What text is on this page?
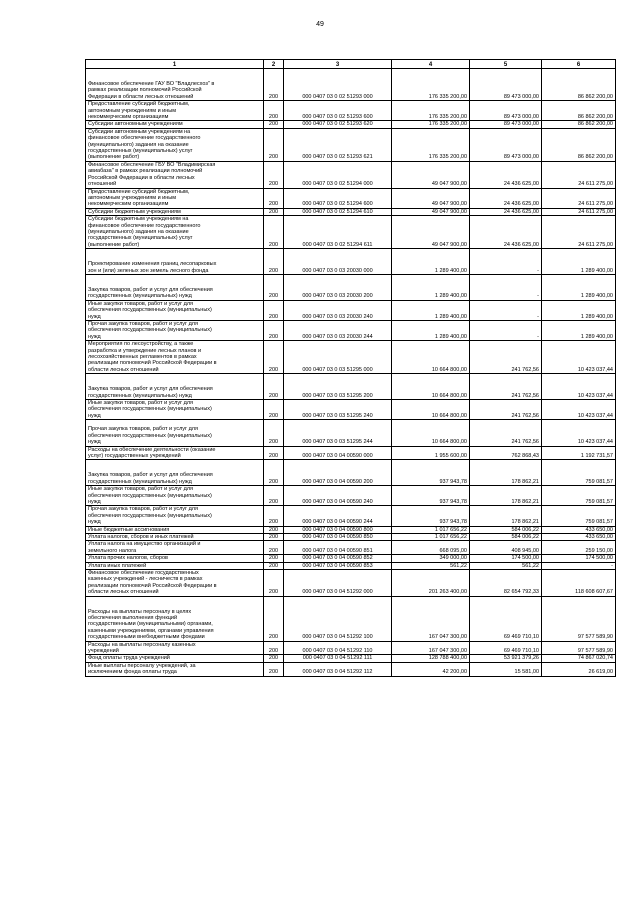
49
1	2	3	4	5	6
Финансовое обеспечение ГАУ ВО "Владлесхоз" в
рамках реализации полномочий Российской
Федерации в области лесных отношений	200	000 0407 03 0 02 51293 000	176 335 200,00	89 473 000,00	86 862 200,00
Предоставление субсидий бюджетным,
автономным учреждениям и иным
некоммерческим организациям	200	000 0407 03 0 02 51293 600	176 335 200,00	89 473 000,00	86 862 200,00
Субсидии автономным учреждениям	200	000 0407 03 0 02 51293 620	176 335 200,00	89 473 000,00	86 862 200,00
Субсидии автономным учреждениям на
финансовое обеспечение государственного
(муниципального) задания на оказание
государственных (муниципальных) услуг
(выполнение работ)	200	000 0407 03 0 02 51293 621	176 335 200,00	89 473 000,00	86 862 200,00
Финансовое обеспечение ГБУ ВО "Владимирская
авиабаза" в рамках реализации полномочий
Российской Федерации в области лесных
отношений	200	000 0407 03 0 02 51294 000	49 047 900,00	24 436 625,00	24 611 275,00
Предоставление субсидий бюджетным,
автономным учреждениям и иным
некоммерческим организациям	200	000 0407 03 0 02 51294 600	49 047 900,00	24 436 625,00	24 611 275,00
Субсидии бюджетным учреждениям	200	000 0407 03 0 02 51294 610	49 047 900,00	24 436 625,00	24 611 275,00
Субсидии бюджетным учреждениям на
финансовое обеспечение государственного
(муниципального) задания на оказание
государственных (муниципальных) услуг
(выполнение работ)	200	000 0407 03 0 02 51294 611	49 047 900,00	24 436 625,00	24 611 275,00
Проектирование изменения границ лесопарковых
зон и (или) зеленых зон земель лесного фонда	200	000 0407 03 0 03 20030 000	1 289 400,00	-	1 289 400,00
Закупка товаров, работ и услуг для обеспечения
государственных (муниципальных) нужд	200	000 0407 03 0 03 20030 200	1 289 400,00	-	1 289 400,00
Иные закупки товаров, работ и услуг для
обеспечения государственных (муниципальных)
нужд	200	000 0407 03 0 03 20030 240	1 289 400,00	-	1 289 400,00
Прочая закупка товаров, работ и услуг для
обеспечения государственных (муниципальных)
нужд	200	000 0407 03 0 03 20030 244	1 289 400,00	-	1 289 400,00
Мероприятия по лесоустройству, а также
разработка и утверждение лесных планов и
лесохозяйственных регламентов в рамках
реализации полномочий Российской Федерации в
области лесных отношений	200	000 0407 03 0 03 51295 000	10 664 800,00	241 762,56	10 423 037,44
Закупка товаров, работ и услуг для обеспечения
государственных (муниципальных) нужд	200	000 0407 03 0 03 51295 200	10 664 800,00	241 762,56	10 423 037,44
Иные закупки товаров, работ и услуг для
обеспечения государственных (муниципальных)
нужд	200	000 0407 03 0 03 51295 240	10 664 800,00	241 762,56	10 423 037,44
Прочая закупка товаров, работ и услуг для
обеспечения государственных (муниципальных)
нужд	200	000 0407 03 0 03 51295 244	10 664 800,00	241 762,56	10 423 037,44
Расходы на обеспечение деятельности (оказание
услуг) государственных учреждений	200	000 0407 03 0 04 00590 000	1 955 600,00	762 868,43	1 192 731,57
Закупка товаров, работ и услуг для обеспечения
государственных (муниципальных) нужд	200	000 0407 03 0 04 00590 200	937 943,78	178 862,21	759 081,57
Иные закупки товаров, работ и услуг для
обеспечения государственных (муниципальных)
нужд	200	000 0407 03 0 04 00590 240	937 943,78	178 862,21	759 081,57
Прочая закупка товаров, работ и услуг для
обеспечения государственных (муниципальных)
нужд	200	000 0407 03 0 04 00590 244	937 943,78	178 862,21	759 081,57
Иные бюджетные ассигнования	200	000 0407 03 0 04 00590 800	1 017 656,22	584 006,22	433 650,00
Уплата налогов, сборов и иных платежей	200	000 0407 03 0 04 00590 850	1 017 656,22	584 006,22	433 650,00
Уплата налога на имущество организаций и
земельного налога	200	000 0407 03 0 04 00590 851	668 095,00	408 945,00	259 150,00
Уплата прочих налогов, сборов	200	000 0407 03 0 04 00590 852	349 000,00	174 500,00	174 500,00
Уплата иных платежей	200	000 0407 03 0 04 00590 853	561,22	561,22	-
Финансовое обеспечение государственных
казенных учреждений - лесничеств в рамках
реализации полномочий Российской Федерации в
области лесных отношений	200	000 0407 03 0 04 51292 000	201 263 400,00	82 654 792,33	118 608 607,67
Расходы на выплаты персоналу в целях
обеспечения выполнения функций
государственными (муниципальными) органами,
казенными учреждениями, органами управления
государственными внебюджетными фондами	200	000 0407 03 0 04 51292 100	167 047 300,00	69 469 710,10	97 577 589,90
Расходы на выплаты персоналу казенных
учреждений	200	000 0407 03 0 04 51292 110	167 047 300,00	69 469 710,10	97 577 589,90
Фонд оплаты труда учреждений	200	000 0407 03 0 04 51292 111	128 788 400,00	53 921 379,26	74 867 020,74
Иные выплаты персоналу учреждений, за
исключением фонда оплаты труда	200	000 0407 03 0 04 51292 112	42 200,00	15 581,00	26 619,00
